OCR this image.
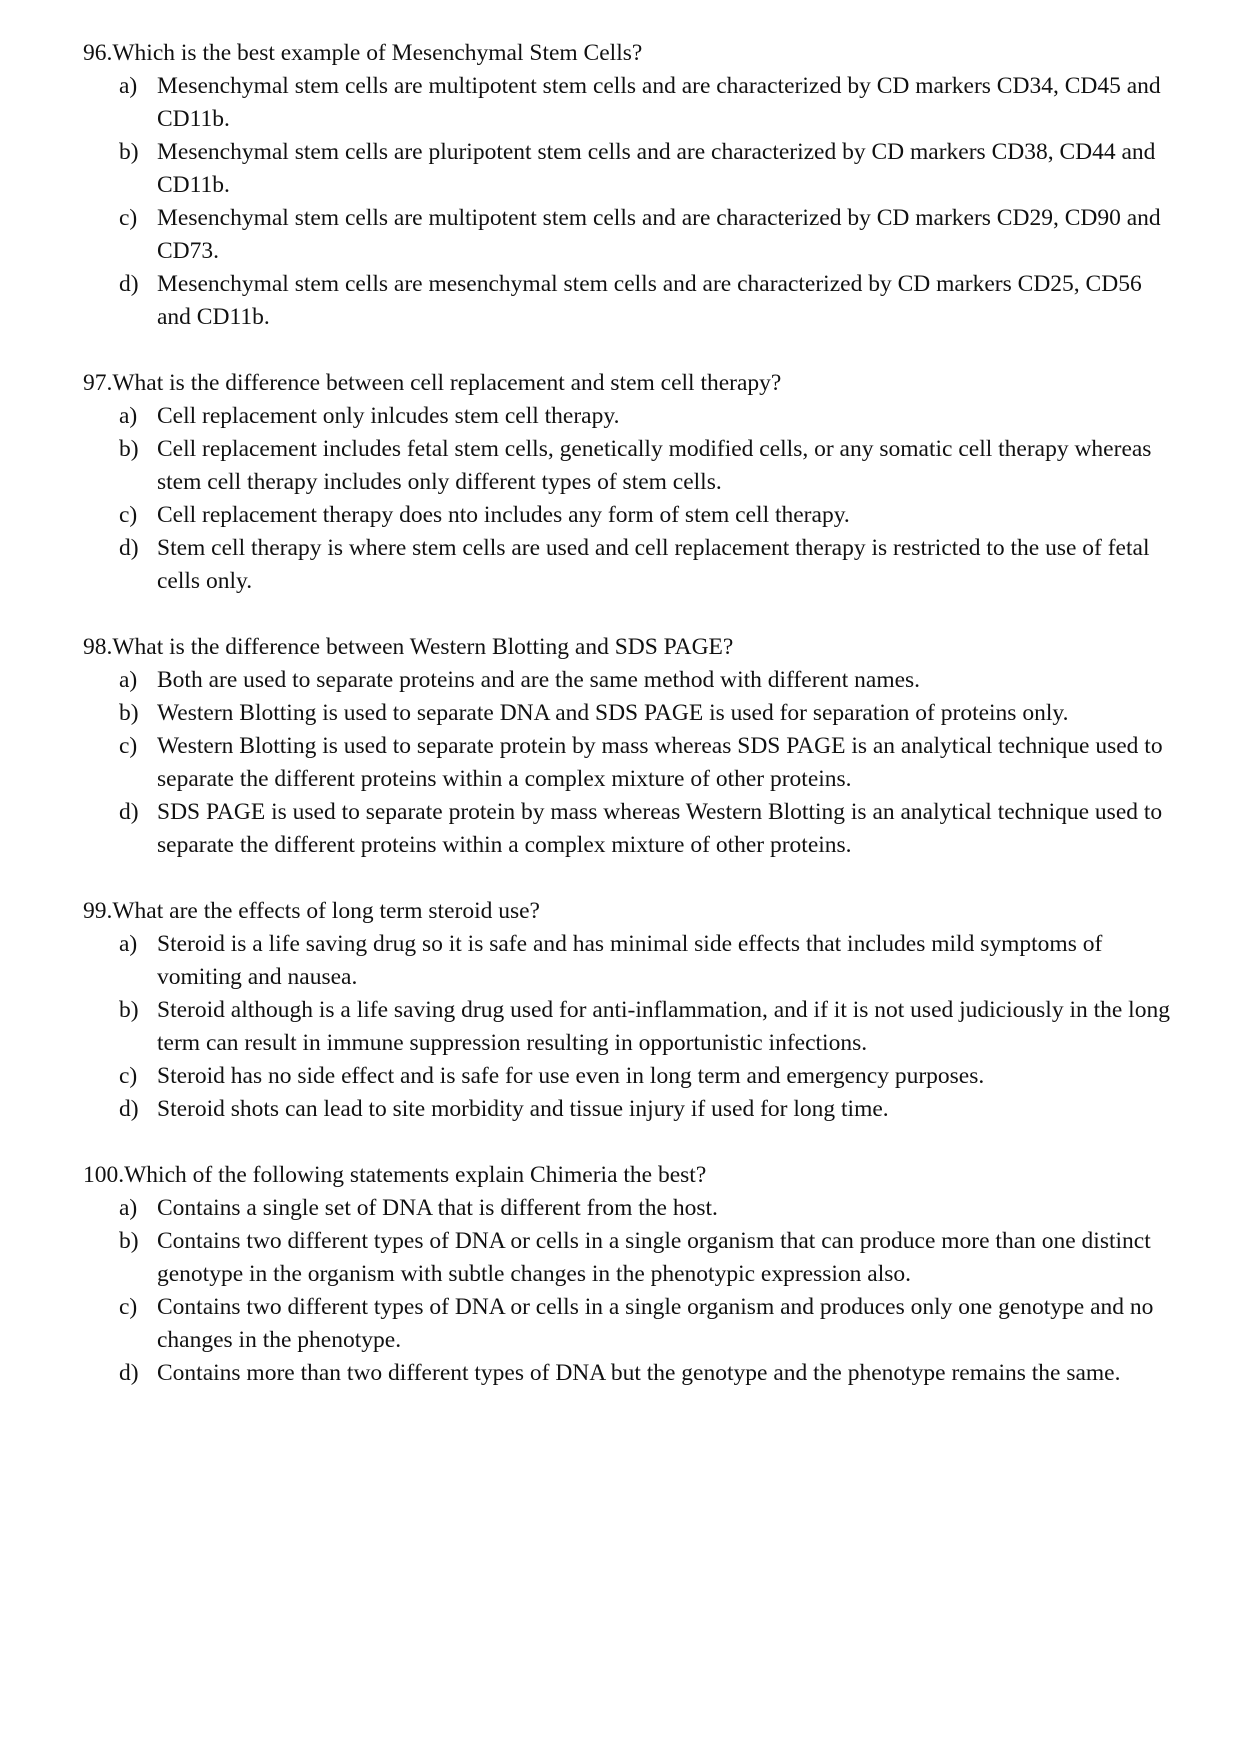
96. Which is the best example of Mesenchymal Stem Cells?
a) Mesenchymal stem cells are multipotent stem cells and are characterized by CD markers CD34, CD45 and CD11b.
b) Mesenchymal stem cells are pluripotent stem cells and are characterized by CD markers CD38, CD44 and CD11b.
c) Mesenchymal stem cells are multipotent stem cells and are characterized by CD markers CD29, CD90 and CD73.
d) Mesenchymal stem cells are mesenchymal stem cells and are characterized by CD markers CD25, CD56 and CD11b.
97. What is the difference between cell replacement and stem cell therapy?
a) Cell replacement only inlcudes stem cell therapy.
b) Cell replacement includes fetal stem cells, genetically modified cells, or any somatic cell therapy whereas stem cell therapy includes only different types of stem cells.
c) Cell replacement therapy does nto includes any form of stem cell therapy.
d) Stem cell therapy is where stem cells are used and cell replacement therapy is restricted to the use of fetal cells only.
98. What is the difference between Western Blotting and SDS PAGE?
a) Both are used to separate proteins and are the same method with different names.
b) Western Blotting is used to separate DNA and SDS PAGE is used for separation of proteins only.
c) Western Blotting is used to separate protein by mass whereas SDS PAGE is an analytical technique used to separate the different proteins within a complex mixture of other proteins.
d) SDS PAGE is used to separate protein by mass whereas Western Blotting is an analytical technique used to separate the different proteins within a complex mixture of other proteins.
99. What are the effects of long term steroid use?
a) Steroid is a life saving drug so it is safe and has minimal side effects that includes mild symptoms of vomiting and nausea.
b) Steroid although is a life saving drug used for anti-inflammation, and if it is not used judiciously in the long term can result in immune suppression resulting in opportunistic infections.
c) Steroid has no side effect and is safe for use even in long term and emergency purposes.
d) Steroid shots can lead to site morbidity and tissue injury if used for long time.
100. Which of the following statements explain Chimeria the best?
a) Contains a single set of DNA that is different from the host.
b) Contains two different types of DNA or cells in a single organism that can produce more than one distinct genotype in the organism with subtle changes in the phenotypic expression also.
c) Contains two different types of DNA or cells in a single organism and produces only one genotype and no changes in the phenotype.
d) Contains more than two different types of DNA but the genotype and the phenotype remains the same.
